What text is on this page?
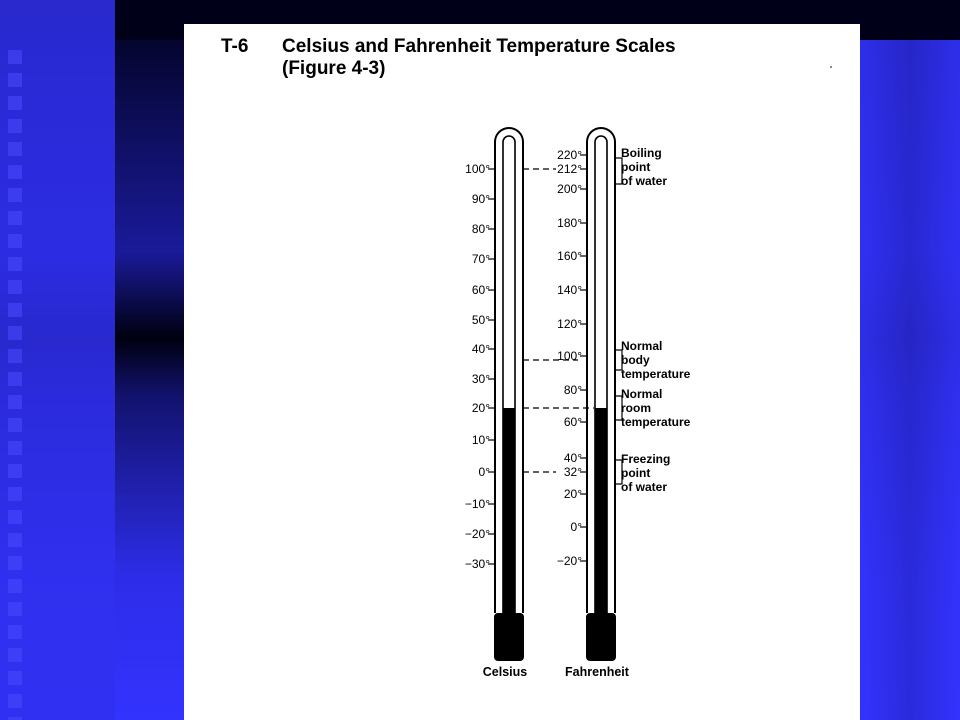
T-6 Celsius and Fahrenheit Temperature Scales
(Figure 4-3)
100°
90°
80°
70°
60°
50°
40°
30°
20°
10°
0°
−10°
−20°
−30°
Celsius
220°
212°
200°
180°
160°
140°
120°
100°
80°
60°
40°
32°
20°
0°
−20°
Fahrenheit
Boiling
point
of water
Normal
body
temperature
Normal
room
temperature
Freezing
point
of water
